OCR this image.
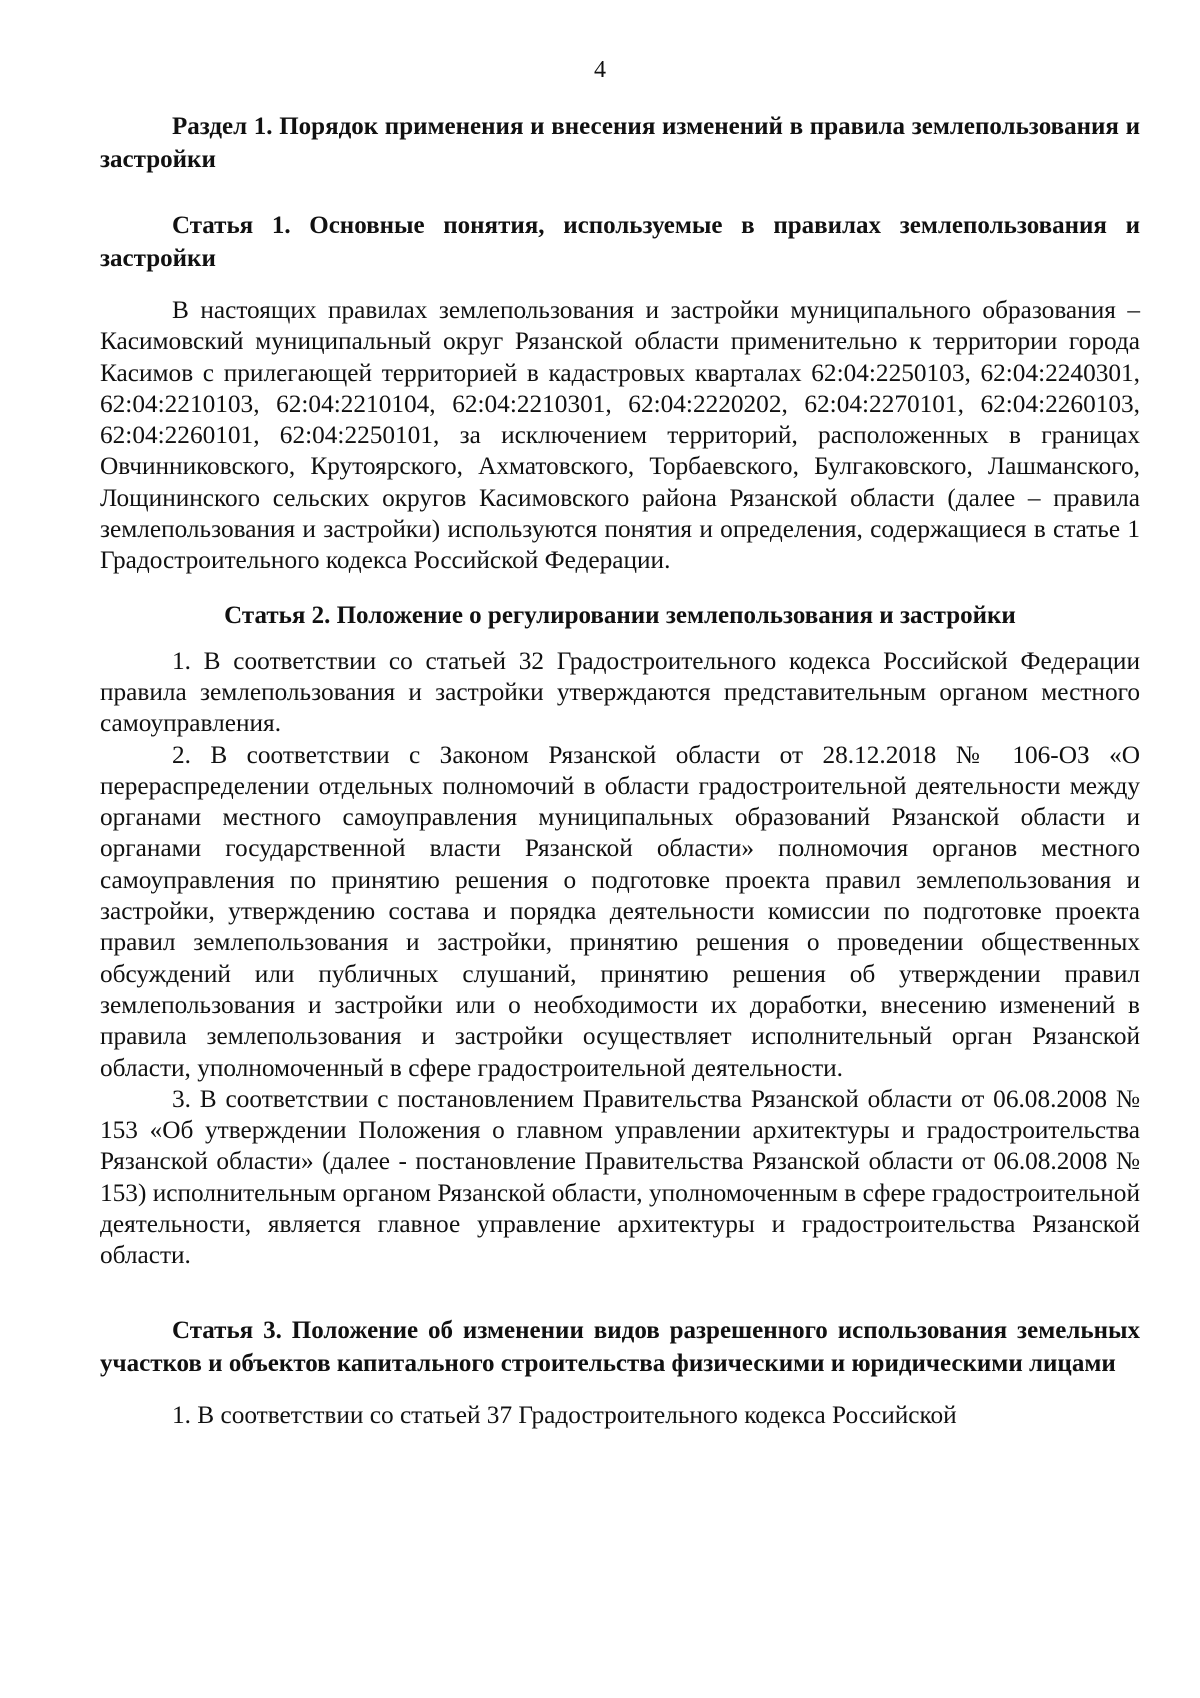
4

Раздел 1. Порядок применения и внесения изменений в правила землепользования и застройки

Статья 1. Основные понятия, используемые в правилах землепользования и застройки

В настоящих правилах землепользования и застройки муниципального образования – Касимовский муниципальный округ Рязанской области применительно к территории города Касимов с прилегающей территорией в кадастровых кварталах 62:04:2250103, 62:04:2240301, 62:04:2210103, 62:04:2210104, 62:04:2210301, 62:04:2220202, 62:04:2270101, 62:04:2260103, 62:04:2260101, 62:04:2250101, за исключением территорий, расположенных в границах Овчинниковского, Крутоярского, Ахматовского, Торбаевского, Булгаковского, Лашманского, Лощининского сельских округов Касимовского района Рязанской области (далее – правила землепользования и застройки) используются понятия и определения, содержащиеся в статье 1 Градостроительного кодекса Российской Федерации.

Статья 2. Положение о регулировании землепользования и застройки

1. В соответствии со статьей 32 Градостроительного кодекса Российской Федерации правила землепользования и застройки утверждаются представительным органом местного самоуправления.

2. В соответствии с Законом Рязанской области от 28.12.2018 № 106-ОЗ «О перераспределении отдельных полномочий в области градостроительной деятельности между органами местного самоуправления муниципальных образований Рязанской области и органами государственной власти Рязанской области» полномочия органов местного самоуправления по принятию решения о подготовке проекта правил землепользования и застройки, утверждению состава и порядка деятельности комиссии по подготовке проекта правил землепользования и застройки, принятию решения о проведении общественных обсуждений или публичных слушаний, принятию решения об утверждении правил землепользования и застройки или о необходимости их доработки, внесению изменений в правила землепользования и застройки осуществляет исполнительный орган Рязанской области, уполномоченный в сфере градостроительной деятельности.

3. В соответствии с постановлением Правительства Рязанской области от 06.08.2008 № 153 «Об утверждении Положения о главном управлении архитектуры и градостроительства Рязанской области» (далее - постановление Правительства Рязанской области от 06.08.2008 № 153) исполнительным органом Рязанской области, уполномоченным в сфере градостроительной деятельности, является главное управление архитектуры и градостроительства Рязанской области.

Статья 3. Положение об изменении видов разрешенного использования земельных участков и объектов капитального строительства физическими и юридическими лицами

1. В соответствии со статьей 37 Градостроительного кодекса Российской
